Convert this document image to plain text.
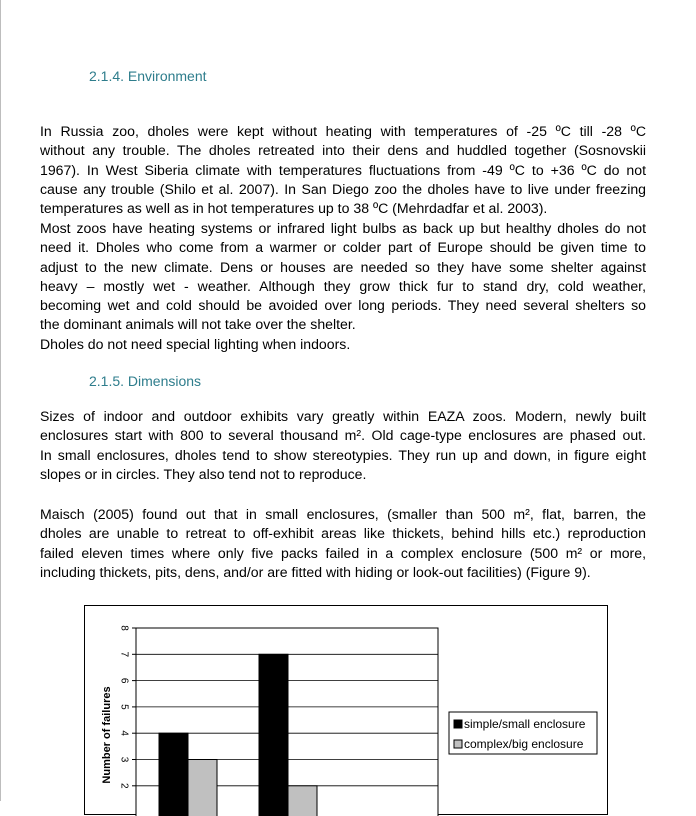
2.1.4. Environment

In Russia zoo, dholes were kept without heating with temperatures of -25 ºC till -28 ºC
without any trouble. The dholes retreated into their dens and huddled together (Sosnovskii
1967). In West Siberia climate with temperatures fluctuations from -49 ºC to +36 ºC do not
cause any trouble (Shilo et al. 2007). In San Diego zoo the dholes have to live under freezing
temperatures as well as in hot temperatures up to 38 ºC (Mehrdadfar et al. 2003).

Most zoos have heating systems or infrared light bulbs as back up but healthy dholes do not
need it. Dholes who come from a warmer or colder part of Europe should be given time to
adjust to the new climate. Dens or houses are needed so they have some shelter against
heavy – mostly wet - weather. Although they grow thick fur to stand dry, cold weather,
becoming wet and cold should be avoided over long periods. They need several shelters so
the dominant animals will not take over the shelter.
Dholes do not need special lighting when indoors.

2.1.5. Dimensions

Sizes of indoor and outdoor exhibits vary greatly within EAZA zoos. Modern, newly built
enclosures start with 800 to several thousand m². Old cage-type enclosures are phased out.
In small enclosures, dholes tend to show stereotypies. They run up and down, in figure eight
slopes or in circles. They also tend not to reproduce.

Maisch (2005) found out that in small enclosures, (smaller than 500 m², flat, barren, the
dholes are unable to retreat to off-exhibit areas like thickets, behind hills etc.) reproduction
failed eleven times where only five packs failed in a complex enclosure (500 m² or more,
including thickets, pits, dens, and/or are fitted with hiding or look-out facilities) (Figure 9).

2
3
4
5
6
7
8
Number of failures	simple/small enclosure
complex/big enclosure
